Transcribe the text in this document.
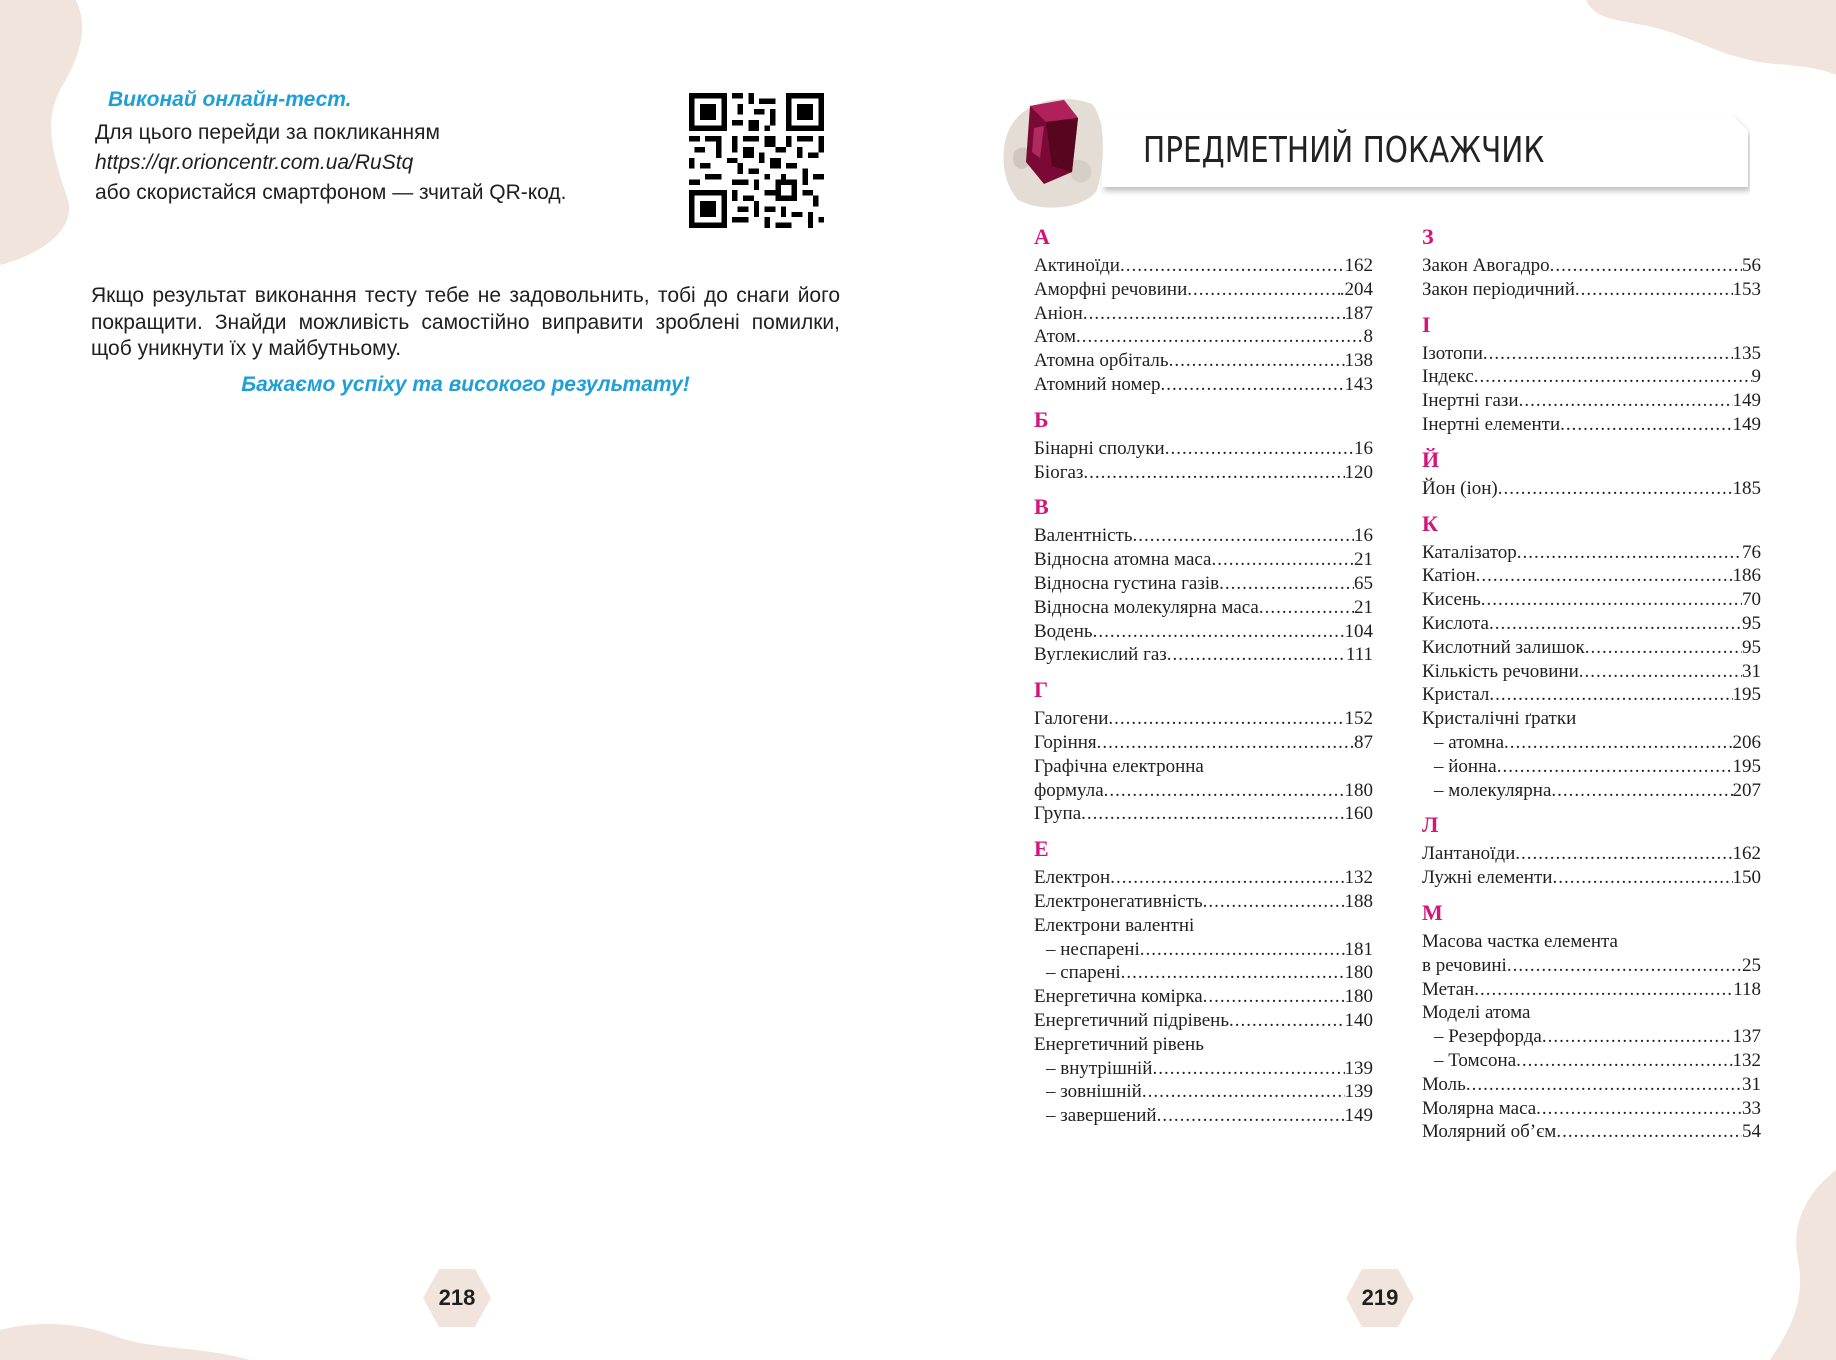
Виконай онлайн-тест.

Для цього перейди за покликанням
https://qr.orioncentr.com.ua/RuStq
або скористайся смартфоном — зчитай QR-код.

Якщо результат виконання тесту тебе не задовольнить, тобі до снаги його покращити. Знайди можливість самостійно виправити зроблені помилки, щоб уникнути їх у майбутньому.

Бажаємо успіху та високого результату!

218
ПРЕДМЕТНИЙ ПОКАЖЧИК
А
Актиноїди .....	162
Аморфні речовини .....	.204
Аніон .....	187
Атом .....	8
Атомна орбіталь .....	138
Атомний номер .....	143
Б
Бінарні сполуки .....	16
Біогаз .....	120
В
Валентність .....	16
Відносна атомна маса .....	21
Відносна густина газів .....	65
Відносна молекулярна маса .....	21
Водень .....	104
Вуглекислий газ .....	111
Г
Галогени .....	152
Горіння .....	87
Графічна електронна
формула .....	180
Група .....	160
Е
Електрон .....	132
Електронегативність .....	188
Електрони валентні
– неспарені .....	181
– спарені .....	180
Енергетична комірка .....	180
Енергетичний підрівень .....	140
Енергетичний рівень
– внутрішній .....	139
– зовнішній .....	139
– завершений .....	149
З
Закон Авогадро .....	56
Закон періодичний .....	153
І
Ізотопи .....	135
Індекс .....	9
Інертні гази .....	149
Інертні елементи .....	149
Й
Йон (іон) .....	185
К
Каталізатор .....	76
Катіон .....	186
Кисень .....	70
Кислота .....	95
Кислотний залишок .....	95
Кількість речовини .....	31
Кристал .....	195
Кристалічні ґратки
– атомна .....	206
– йонна .....	195
– молекулярна .....	207
Л
Лантаноїди .....	162
Лужні елементи .....	150
М
Масова частка елемента
в речовині .....	25
Метан .....	118
Моделі атома
– Резерфорда .....	137
– Томсона .....	132
Моль .....	31
Молярна маса .....	33
Молярний об’єм .....	54
219
